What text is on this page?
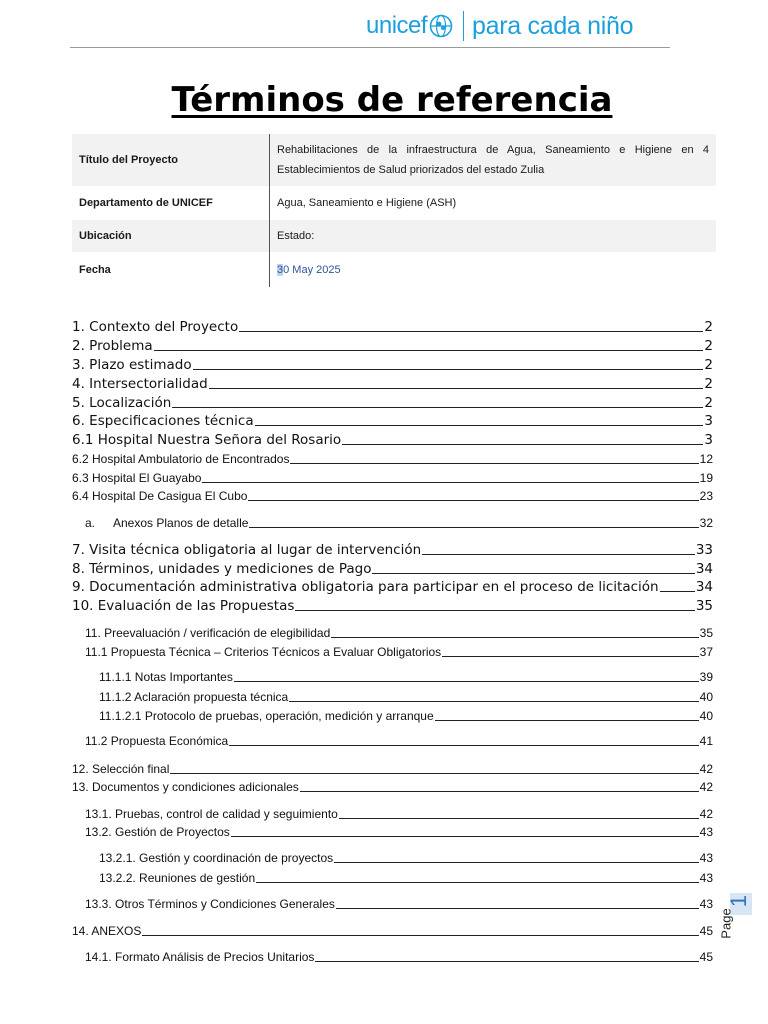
unicef para cada niño
Términos de referencia
Título del Proyecto	Rehabilitaciones de la infraestructura de Agua, Saneamiento e Higiene en 4 Establecimientos de Salud priorizados del estado Zulia
Departamento de UNICEF	Agua, Saneamiento e Higiene (ASH)
Ubicación	Estado:
Fecha	30 May 2025
1. Contexto del Proyecto	2
2. Problema	2
3. Plazo estimado	2
4. Intersectorialidad	2
5. Localización	2
6. Especificaciones técnica	3
6.1 Hospital Nuestra Señora del Rosario	3
6.2 Hospital Ambulatorio de Encontrados	12
6.3 Hospital El Guayabo	19
6.4 Hospital De Casigua El Cubo	23
a. Anexos Planos de detalle	32
7. Visita técnica obligatoria al lugar de intervención	33
8. Términos, unidades y mediciones de Pago	34
9. Documentación administrativa obligatoria para participar en el proceso de licitación	34
10. Evaluación de las Propuestas	35
11. Preevaluación / verificación de elegibilidad	35
11.1 Propuesta Técnica – Criterios Técnicos a Evaluar Obligatorios	37
11.1.1 Notas Importantes	39
11.1.2 Aclaración propuesta técnica	40
11.1.2.1 Protocolo de pruebas, operación, medición y arranque	40
11.2 Propuesta Económica	41
12. Selección final	42
13. Documentos y condiciones adicionales	42
13.1. Pruebas, control de calidad y seguimiento	42
13.2. Gestión de Proyectos	43
13.2.1. Gestión y coordinación de proyectos	43
13.2.2. Reuniones de gestión	43
13.3. Otros Términos y Condiciones Generales	43
14. ANEXOS	45
14.1. Formato Análisis de Precios Unitarios	45
1
Page
